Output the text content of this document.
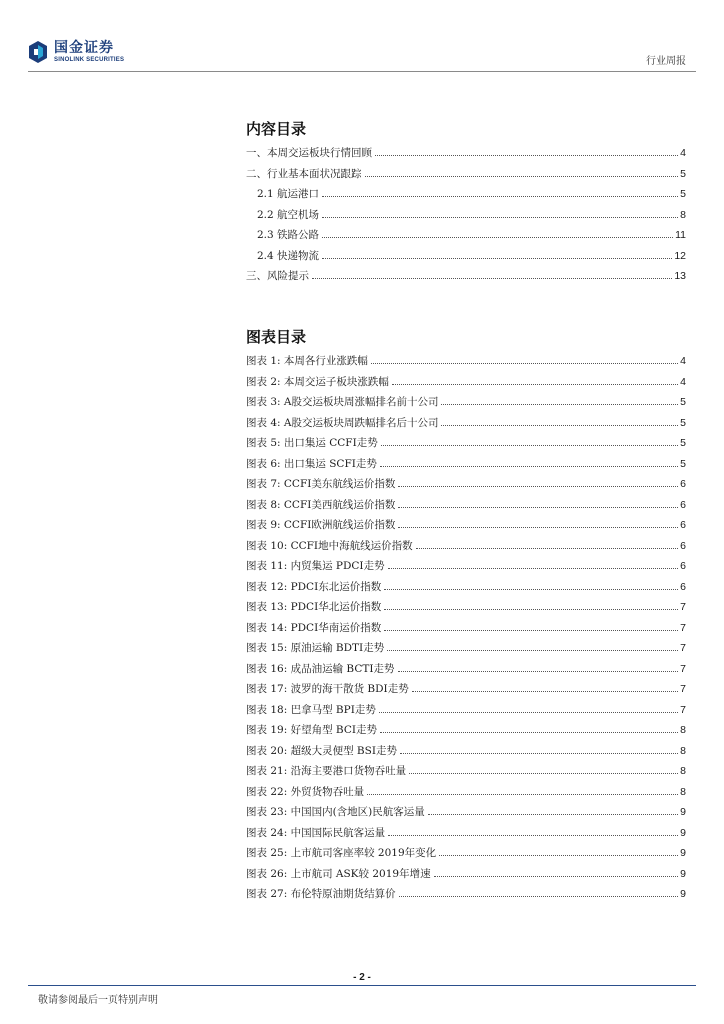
国金证券
SINOLINK SECURITIES	行业周报
内容目录
一、本周交运板块行情回顾	4
二、行业基本面状况跟踪	5
2.1 航运港口	5
2.2 航空机场	8
2.3 铁路公路	11
2.4 快递物流	12
三、风险提示	13
图表目录
图表 1: 本周各行业涨跌幅	4
图表 2: 本周交运子板块涨跌幅	4
图表 3: A股交运板块周涨幅排名前十公司	5
图表 4: A股交运板块周跌幅排名后十公司	5
图表 5: 出口集运 CCFI走势	5
图表 6: 出口集运 SCFI走势	5
图表 7: CCFI美东航线运价指数	6
图表 8: CCFI美西航线运价指数	6
图表 9: CCFI欧洲航线运价指数	6
图表 10: CCFI地中海航线运价指数	6
图表 11: 内贸集运 PDCI走势	6
图表 12: PDCI东北运价指数	6
图表 13: PDCI华北运价指数	7
图表 14: PDCI华南运价指数	7
图表 15: 原油运输 BDTI走势	7
图表 16: 成品油运输 BCTI走势	7
图表 17: 波罗的海干散货 BDI走势	7
图表 18: 巴拿马型 BPI走势	7
图表 19: 好望角型 BCI走势	8
图表 20: 超级大灵便型 BSI走势	8
图表 21: 沿海主要港口货物吞吐量	8
图表 22: 外贸货物吞吐量	8
图表 23: 中国国内(含地区)民航客运量	9
图表 24: 中国国际民航客运量	9
图表 25: 上市航司客座率较 2019年变化	9
图表 26: 上市航司 ASK较 2019年增速	9
图表 27: 布伦特原油期货结算价	9
- 2 -
敬请参阅最后一页特别声明
